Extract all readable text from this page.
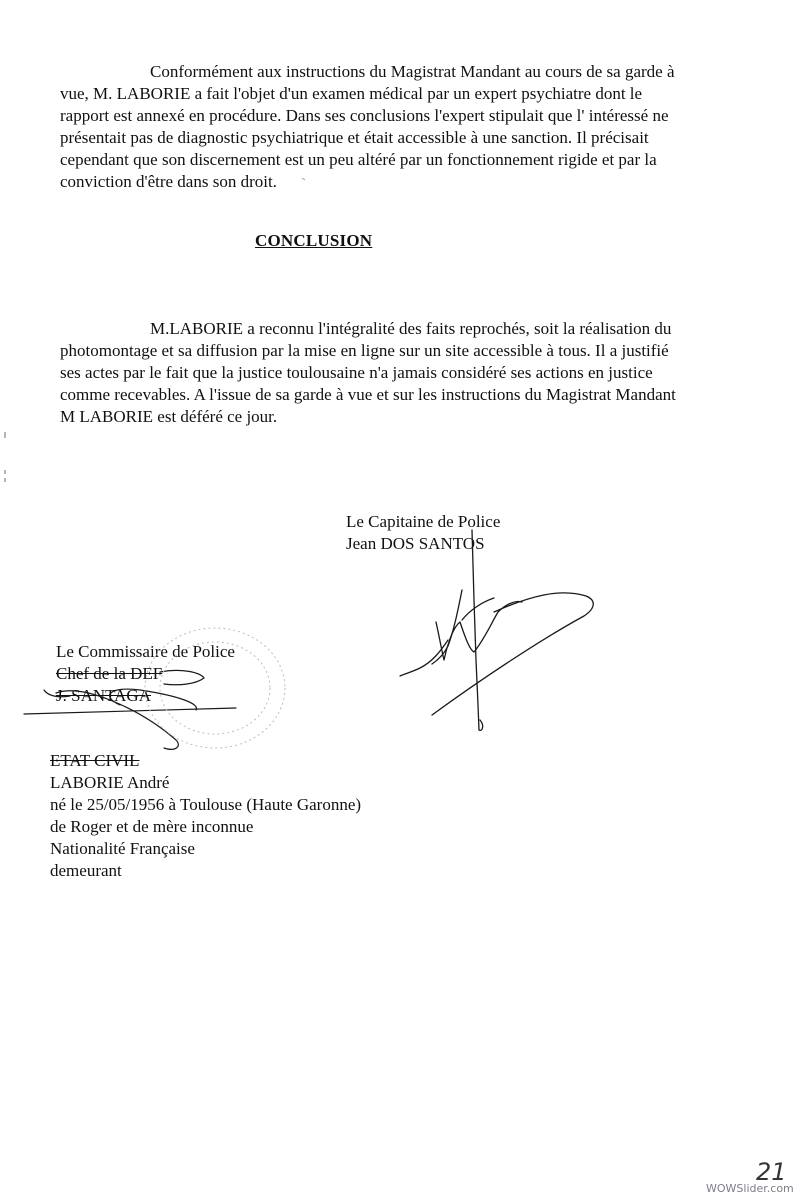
Conformément aux instructions du Magistrat Mandant au cours de sa garde à
vue, M. LABORIE a fait l'objet d'un examen médical par un expert psychiatre dont le
rapport est annexé en procédure. Dans ses conclusions l'expert stipulait que l' intéressé ne
présentait pas de diagnostic psychiatrique et était accessible à une sanction. Il précisait
cependant que son discernement est un peu altéré par un fonctionnement rigide et par la
conviction d'être dans son droit.
CONCLUSION
M.LABORIE a reconnu l'intégralité des faits reprochés, soit la réalisation du
photomontage et sa diffusion par la mise en ligne sur un site accessible à tous. Il a justifié
ses actes par le fait que la justice toulousaine n'a jamais considéré ses actions en justice
comme recevables. A l'issue de sa garde à vue et sur les instructions du Magistrat Mandant
M LABORIE est déféré ce jour.
Le Capitaine de Police
Jean DOS SANTOS
Le Commissaire de Police
Chef de la DEF
J. SANTAGA
ETAT CIVIL
LABORIE André
né le 25/05/1956 à Toulouse (Haute Garonne)
de Roger et de mère inconnue
Nationalité Française
demeurant
21
WOWSlider.com
